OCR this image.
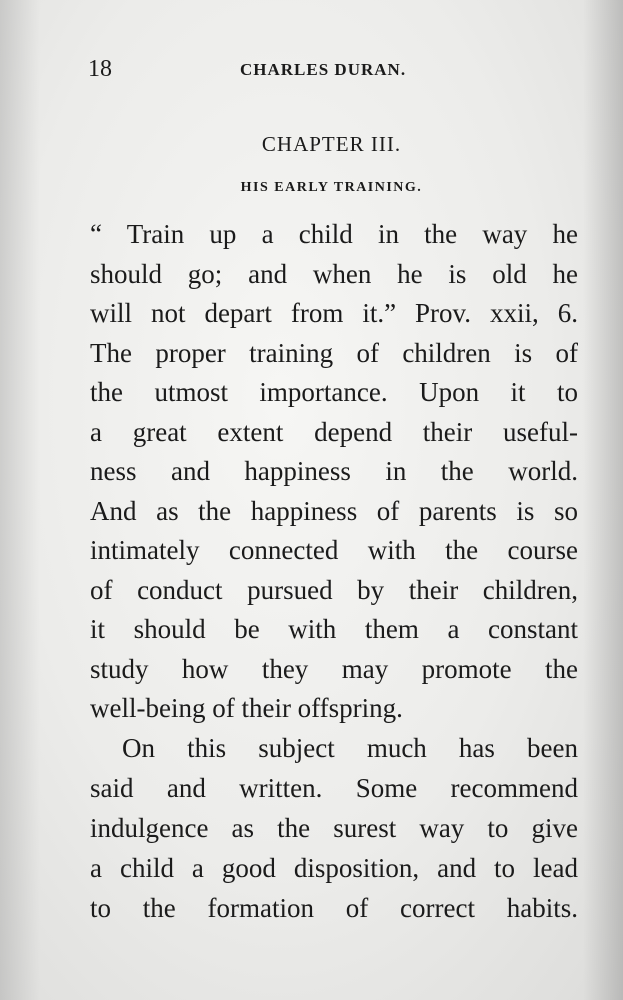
18	CHARLES DURAN.
CHAPTER III.
HIS EARLY TRAINING.
“ Train up a child in the way he
should go; and when he is old he
will not depart from it.” Prov. xxii, 6.
The proper training of children is of
the utmost importance. Upon it to
a great extent depend their useful-
ness and happiness in the world.
And as the happiness of parents is so
intimately connected with the course
of conduct pursued by their children,
it should be with them a constant
study how they may promote the
well-being of their offspring.
On this subject much has been
said and written. Some recommend
indulgence as the surest way to give
a child a good disposition, and to lead
to the formation of correct habits.
